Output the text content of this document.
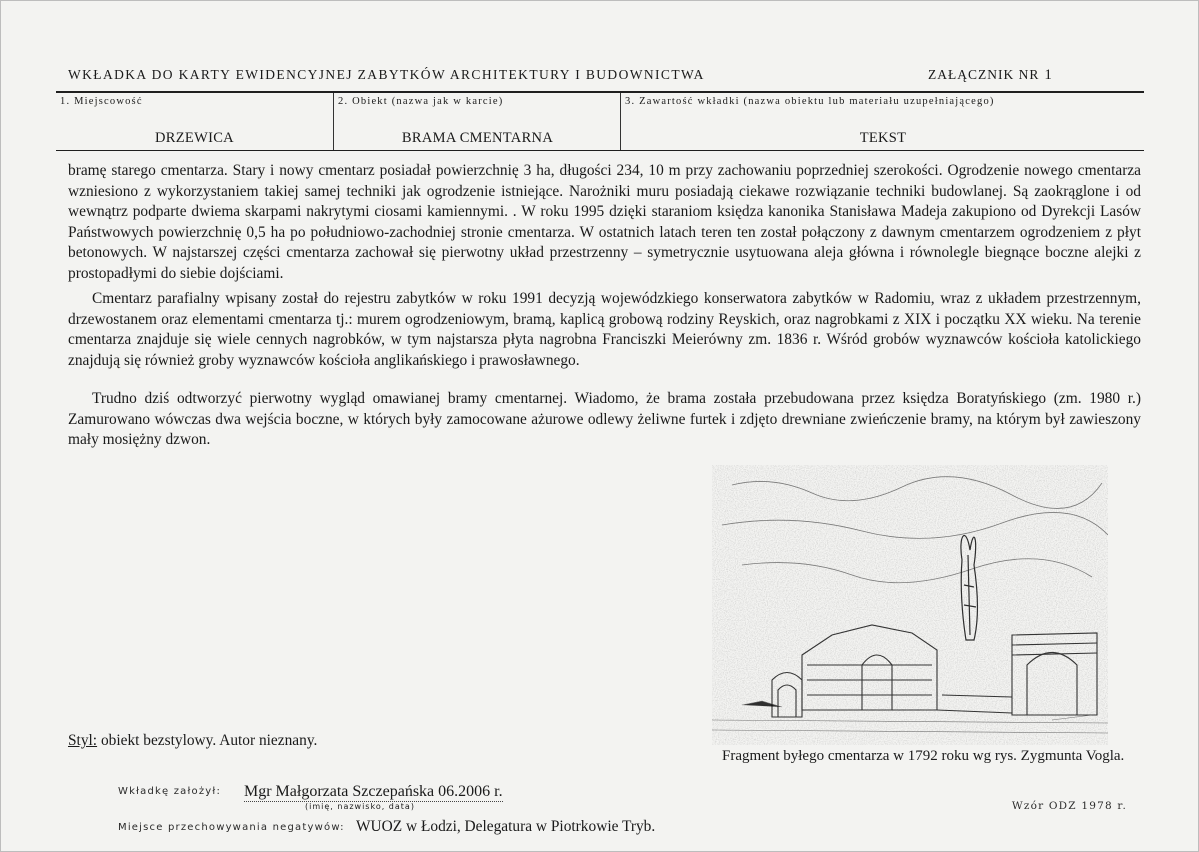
WKŁADKA DO KARTY EWIDENCYJNEJ ZABYTKÓW ARCHITEKTURY I BUDOWNICTWA	ZAŁĄCZNIK NR 1
1. Miejscowość
DRZEWICA
2. Obiekt (nazwa jak w karcie)
BRAMA CMENTARNA
3. Zawartość wkładki (nazwa obiektu lub materiału uzupełniającego)
TEKST

bramę starego cmentarza. Stary i nowy cmentarz posiadał powierzchnię 3 ha, długości 234, 10 m przy zachowaniu poprzedniej szerokości. Ogrodzenie nowego cmentarza wzniesiono z wykorzystaniem takiej samej techniki jak ogrodzenie istniejące. Narożniki muru posiadają ciekawe rozwiązanie techniki budowlanej. Są zaokrąglone i od wewnątrz podparte dwiema skarpami nakrytymi ciosami kamiennymi. . W roku 1995 dzięki staraniom księdza kanonika Stanisława Madeja zakupiono od Dyrekcji Lasów Państwowych powierzchnię 0,5 ha po południowo-zachodniej stronie cmentarza. W ostatnich latach teren ten został połączony z dawnym cmentarzem ogrodzeniem z płyt betonowych. W najstarszej części cmentarza zachował się pierwotny układ przestrzenny – symetrycznie usytuowana aleja główna i równolegle biegnące boczne alejki z prostopadłymi do siebie dojściami.

Cmentarz parafialny wpisany został do rejestru zabytków w roku 1991 decyzją wojewódzkiego konserwatora zabytków w Radomiu, wraz z układem przestrzennym, drzewostanem oraz elementami cmentarza tj.: murem ogrodzeniowym, bramą, kaplicą grobową rodziny Reyskich, oraz nagrobkami z XIX i początku XX wieku. Na terenie cmentarza znajduje się wiele cennych nagrobków, w tym najstarsza płyta nagrobna Franciszki Meierówny zm. 1836 r. Wśród grobów wyznawców kościoła katolickiego znajdują się również groby wyznawców kościoła anglikańskiego i prawosławnego.

Trudno dziś odtworzyć pierwotny wygląd omawianej bramy cmentarnej. Wiadomo, że brama została przebudowana przez księdza Boratyńskiego (zm. 1980 r.) Zamurowano wówczas dwa wejścia boczne, w których były zamocowane ażurowe odlewy żeliwne furtek i zdjęto drewniane zwieńczenie bramy, na którym był zawieszony mały mosiężny dzwon.

Fragment byłego cmentarza w 1792 roku wg rys. Zygmunta Vogla.
Styl: obiekt bezstylowy. Autor nieznany.
Wkładkę założył: Mgr Małgorzata Szczepańska 06.2006 r.
(imię, nazwisko, data)
Miejsce przechowywania negatywów: WUOZ w Łodzi, Delegatura w Piotrkowie Tryb.
Wzór ODZ 1978 r.
